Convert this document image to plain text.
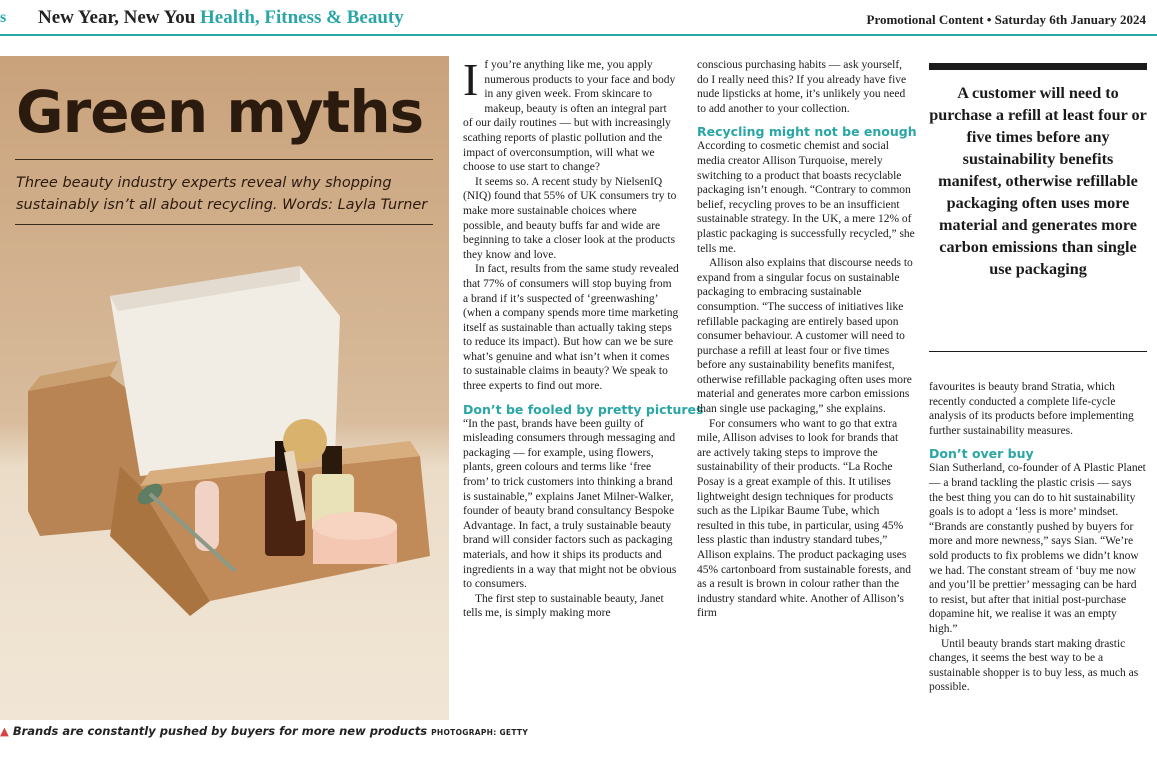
s New Year, New You Health, Fitness & Beauty	Promotional Content • Saturday 6th January 2024
Green myths
Three beauty industry experts reveal why shopping sustainably isn’t all about recycling. Words: Layla Turner
▲ Brands are constantly pushed by buyers for more new products PHOTOGRAPH: GETTY

If you’re anything like me, you apply numerous products to your face and body in any given week. From skincare to makeup, beauty is often an integral part of our daily routines — but with increasingly scathing reports of plastic pollution and the impact of overconsumption, will what we choose to use start to change?

It seems so. A recent study by NielsenIQ (NIQ) found that 55% of UK consumers try to make more sustainable choices where possible, and beauty buffs far and wide are beginning to take a closer look at the products they know and love.

In fact, results from the same study revealed that 77% of consumers will stop buying from a brand if it’s suspected of ‘greenwashing’ (when a company spends more time marketing itself as sustainable than actually taking steps to reduce its impact). But how can we be sure what’s genuine and what isn’t when it comes to sustainable claims in beauty? We speak to three experts to find out more.

Don’t be fooled by pretty pictures

“In the past, brands have been guilty of misleading consumers through messaging and packaging — for example, using flowers, plants, green colours and terms like ‘free from’ to trick customers into thinking a brand is sustainable,” explains Janet Milner-Walker, founder of beauty brand consultancy Bespoke Advantage. In fact, a truly sustainable beauty brand will consider factors such as packaging materials, and how it ships its products and ingredients in a way that might not be obvious to consumers.

The first step to sustainable beauty, Janet tells me, is simply making more

conscious purchasing habits — ask yourself, do I really need this? If you already have five nude lipsticks at home, it’s unlikely you need to add another to your collection.

Recycling might not be enough

According to cosmetic chemist and social media creator Allison Turquoise, merely switching to a product that boasts recyclable packaging isn’t enough. “Contrary to common belief, recycling proves to be an insufficient sustainable strategy. In the UK, a mere 12% of plastic packaging is successfully recycled,” she tells me.

Allison also explains that discourse needs to expand from a singular focus on sustainable packaging to embracing sustainable consumption. “The success of initiatives like refillable packaging are entirely based upon consumer behaviour. A customer will need to purchase a refill at least four or five times before any sustainability benefits manifest, otherwise refillable packaging often uses more material and generates more carbon emissions than single use packaging,” she explains.

For consumers who want to go that extra mile, Allison advises to look for brands that are actively taking steps to improve the sustainability of their products. “La Roche Posay is a great example of this. It utilises lightweight design techniques for products such as the Lipikar Baume Tube, which resulted in this tube, in particular, using 45% less plastic than industry standard tubes,” Allison explains. The product packaging uses 45% cartonboard from sustainable forests, and as a result is brown in colour rather than the industry standard white. Another of Allison’s firm

A customer will need to purchase a refill at least four or five times before any sustainability benefits manifest, otherwise refillable packaging often uses more material and generates more carbon emissions than single use packaging

favourites is beauty brand Stratia, which recently conducted a complete life-cycle analysis of its products before implementing further sustainability measures.

Don’t over buy

Sian Sutherland, co-founder of A Plastic Planet — a brand tackling the plastic crisis — says the best thing you can do to hit sustainability goals is to adopt a ‘less is more’ mindset. “Brands are constantly pushed by buyers for more and more newness,” says Sian. “We’re sold products to fix problems we didn’t know we had. The constant stream of ‘buy me now and you’ll be prettier’ messaging can be hard to resist, but after that initial post-purchase dopamine hit, we realise it was an empty high.”

Until beauty brands start making drastic changes, it seems the best way to be a sustainable shopper is to buy less, as much as possible.
